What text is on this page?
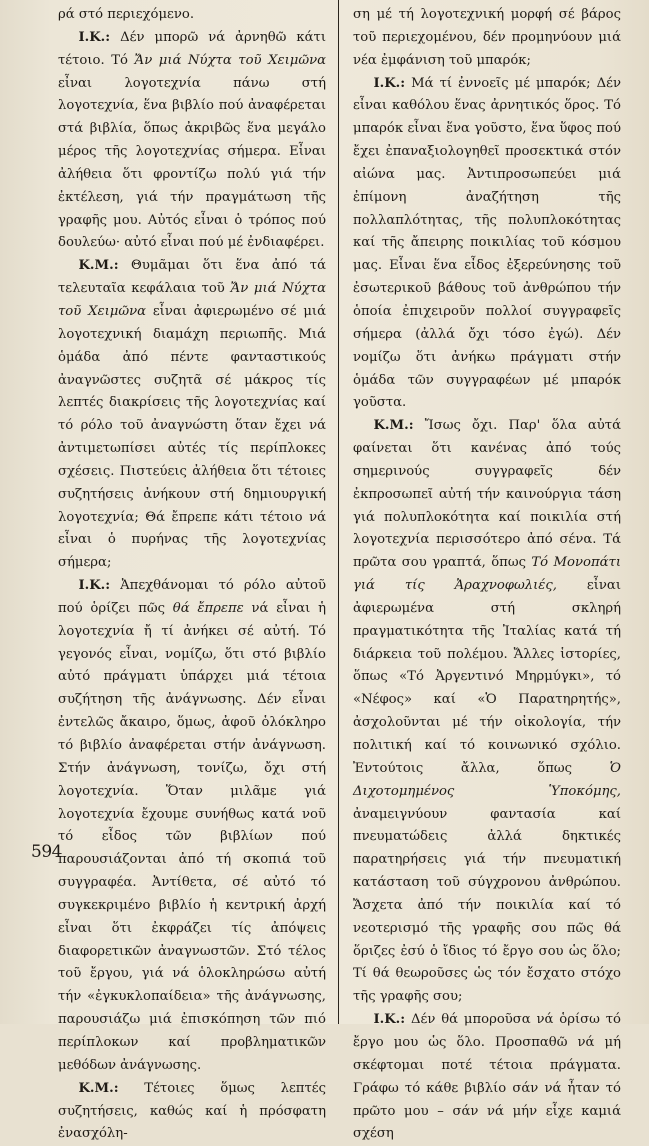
ρά στό περιεχόμενο.

Ι.Κ.: Δέν μπορῶ νά ἀρνηθῶ κάτι τέτοιο. Τό Ἄν μιά Νύχτα τοῦ Χειμῶνα εἶναι λογοτεχνία πάνω στή λογοτεχνία, ἕνα βιβλίο πού ἀναφέρεται στά βιβλία, ὅπως ἀκριβῶς ἕνα μεγάλο μέρος τῆς λογοτεχνίας σήμερα. Εἶναι ἀλήθεια ὅτι φροντίζω πολύ γιά τήν ἐκτέλεση, γιά τήν πραγμάτωση τῆς γραφῆς μου. Αὐτός εἶναι ὁ τρόπος πού δουλεύω· αὐτό εἶναι πού μέ ἐνδιαφέρει.

Κ.Μ.: Θυμᾶμαι ὅτι ἕνα ἀπό τά τελευταῖα κεφάλαια τοῦ Ἄν μιά Νύχτα τοῦ Χειμῶνα εἶναι ἀφιερωμένο σέ μιά λογοτεχνική διαμάχη περιωπῆς. Μιά ὁμάδα ἀπό πέντε φανταστικούς ἀναγνῶστες συζητᾶ σέ μάκρος τίς λεπτές διακρίσεις τῆς λογοτεχνίας καί τό ρόλο τοῦ ἀναγνώστη ὅταν ἔχει νά ἀντιμετωπίσει αὐτές τίς περίπλοκες σχέσεις. Πιστεύεις ἀλήθεια ὅτι τέτοιες συζητήσεις ἀνήκουν στή δημιουργική λογοτεχνία; Θά ἔπρεπε κάτι τέτοιο νά εἶναι ὁ πυρήνας τῆς λογοτεχνίας σήμερα;

Ι.Κ.: Ἀπεχθάνομαι τό ρόλο αὐτοῦ πού ὁρίζει πῶς θά ἔπρεπε νά εἶναι ἡ λογοτεχνία ἤ τί ἀνήκει σέ αὐτή. Τό γεγονός εἶναι, νομίζω, ὅτι στό βιβλίο αὐτό πράγματι ὑπάρχει μιά τέτοια συζήτηση τῆς ἀνάγνωσης. Δέν εἶναι ἐντελῶς ἄκαιρο, ὅμως, ἀφοῦ ὁλόκληρο τό βιβλίο ἀναφέρεται στήν ἀνάγνωση. Στήν ἀνάγνωση, τονίζω, ὄχι στή λογοτεχνία. Ὅταν μιλᾶμε γιά λογοτεχνία ἔχουμε συνήθως κατά νοῦ τό εἶδος τῶν βιβλίων πού παρουσιάζονται ἀπό τή σκοπιά τοῦ συγγραφέα. Ἀντίθετα, σέ αὐτό τό συγκεκριμένο βιβλίο ἡ κεντρική ἀρχή εἶναι ὅτι ἐκφράζει τίς ἀπόψεις διαφορετικῶν ἀναγνωστῶν. Στό τέλος τοῦ ἔργου, γιά νά ὁλοκληρώσω αὐτή τήν «ἐγκυκλοπαίδεια» τῆς ἀνάγνωσης, παρουσιάζω μιά ἐπισκόπηση τῶν πιό περίπλοκων καί προβληματικῶν μεθόδων ἀνάγνωσης.

Κ.Μ.: Τέτοιες ὅμως λεπτές συζητήσεις, καθώς καί ἡ πρόσφατη ἐνασχόλη-

ση μέ τή λογοτεχνική μορφή σέ βάρος τοῦ περιεχομένου, δέν προμηνύουν μιά νέα ἐμφάνιση τοῦ μπαρόκ;

Ι.Κ.: Μά τί ἐννοεῖς μέ μπαρόκ; Δέν εἶναι καθόλου ἕνας ἀρνητικός ὅρος. Τό μπαρόκ εἶναι ἕνα γοῦστο, ἕνα ὕφος πού ἔχει ἐπαναξιολογηθεῖ προσεκτικά στόν αἰώνα μας. Ἀντιπροσωπεύει μιά ἐπίμονη ἀναζήτηση τῆς πολλαπλότητας, τῆς πολυπλοκότητας καί τῆς ἄπειρης ποικιλίας τοῦ κόσμου μας. Εἶναι ἕνα εἶδος ἐξερεύνησης τοῦ ἐσωτερικοῦ βάθους τοῦ ἀνθρώπου τήν ὁποία ἐπιχειροῦν πολλοί συγγραφεῖς σήμερα (ἀλλά ὄχι τόσο ἐγώ). Δέν νομίζω ὅτι ἀνήκω πράγματι στήν ὁμάδα τῶν συγγραφέων μέ μπαρόκ γοῦστα.

Κ.Μ.: Ἴσως ὄχι. Παρ' ὅλα αὐτά φαίνεται ὅτι κανένας ἀπό τούς σημερινούς συγγραφεῖς δέν ἐκπροσωπεῖ αὐτή τήν καινούργια τάση γιά πολυπλοκότητα καί ποικιλία στή λογοτεχνία περισσότερο ἀπό σένα. Τά πρῶτα σου γραπτά, ὅπως Τό Μονοπάτι γιά τίς Ἀραχνοφωλιές, εἶναι ἀφιερωμένα στή σκληρή πραγματικότητα τῆς Ἰταλίας κατά τή διάρκεια τοῦ πολέμου. Ἄλλες ἱστορίες, ὅπως «Τό Ἀργεντινό Μηρμύγκι», τό «Νέφος» καί «Ὁ Παρατηρητής», ἀσχολοῦνται μέ τήν οἰκολογία, τήν πολιτική καί τό κοινωνικό σχόλιο. Ἐντούτοις ἄλλα, ὅπως Ὁ Διχοτομημένος Ὑποκόμης, ἀναμειγνύουν φαντασία καί πνευματώδεις ἀλλά δηκτικές παρατηρήσεις γιά τήν πνευματική κατάσταση τοῦ σύγχρονου ἀνθρώπου. Ἄσχετα ἀπό τήν ποικιλία καί τό νεοτερισμό τῆς γραφῆς σου πῶς θά ὅριζες ἐσύ ὁ ἴδιος τό ἔργο σου ὡς ὅλο; Τί θά θεωροῦσες ὡς τόν ἔσχατο στόχο τῆς γραφῆς σου;

Ι.Κ.: Δέν θά μποροῦσα νά ὁρίσω τό ἔργο μου ὡς ὅλο. Προσπαθῶ νά μή σκέφτομαι ποτέ τέτοια πράγματα. Γράφω τό κάθε βιβλίο σάν νά ἦταν τό πρῶτο μου – σάν νά μήν εἶχε καμιά σχέση

594
